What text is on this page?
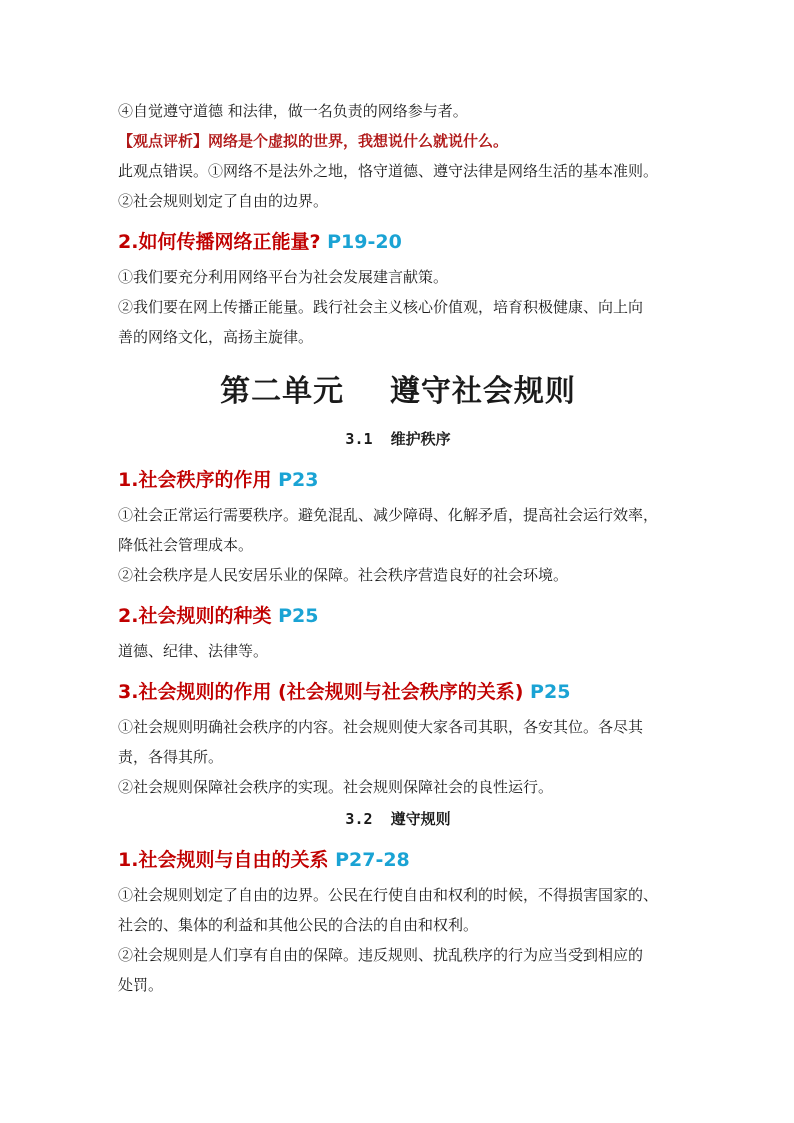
④自觉遵守道德 和法律，做一名负责的网络参与者。

【观点评析】网络是个虚拟的世界，我想说什么就说什么。

此观点错误。①网络不是法外之地，恪守道德、遵守法律是网络生活的基本准则。

②社会规则划定了自由的边界。

2.如何传播网络正能量? P19-20

①我们要充分利用网络平台为社会发展建言献策。

②我们要在网上传播正能量。践行社会主义核心价值观，培育积极健康、向上向

善的网络文化，高扬主旋律。

第二单元    遵守社会规则
3.1  维护秩序
1.社会秩序的作用 P23

①社会正常运行需要秩序。避免混乱、减少障碍、化解矛盾，提高社会运行效率，

降低社会管理成本。

②社会秩序是人民安居乐业的保障。社会秩序营造良好的社会环境。

2.社会规则的种类 P25

道德、纪律、法律等。

3.社会规则的作用 (社会规则与社会秩序的关系) P25

①社会规则明确社会秩序的内容。社会规则使大家各司其职，各安其位。各尽其

责，各得其所。

②社会规则保障社会秩序的实现。社会规则保障社会的良性运行。

3.2  遵守规则
1.社会规则与自由的关系 P27-28

①社会规则划定了自由的边界。公民在行使自由和权利的时候，不得损害国家的、

社会的、集体的利益和其他公民的合法的自由和权利。

②社会规则是人们享有自由的保障。违反规则、扰乱秩序的行为应当受到相应的

处罚。
